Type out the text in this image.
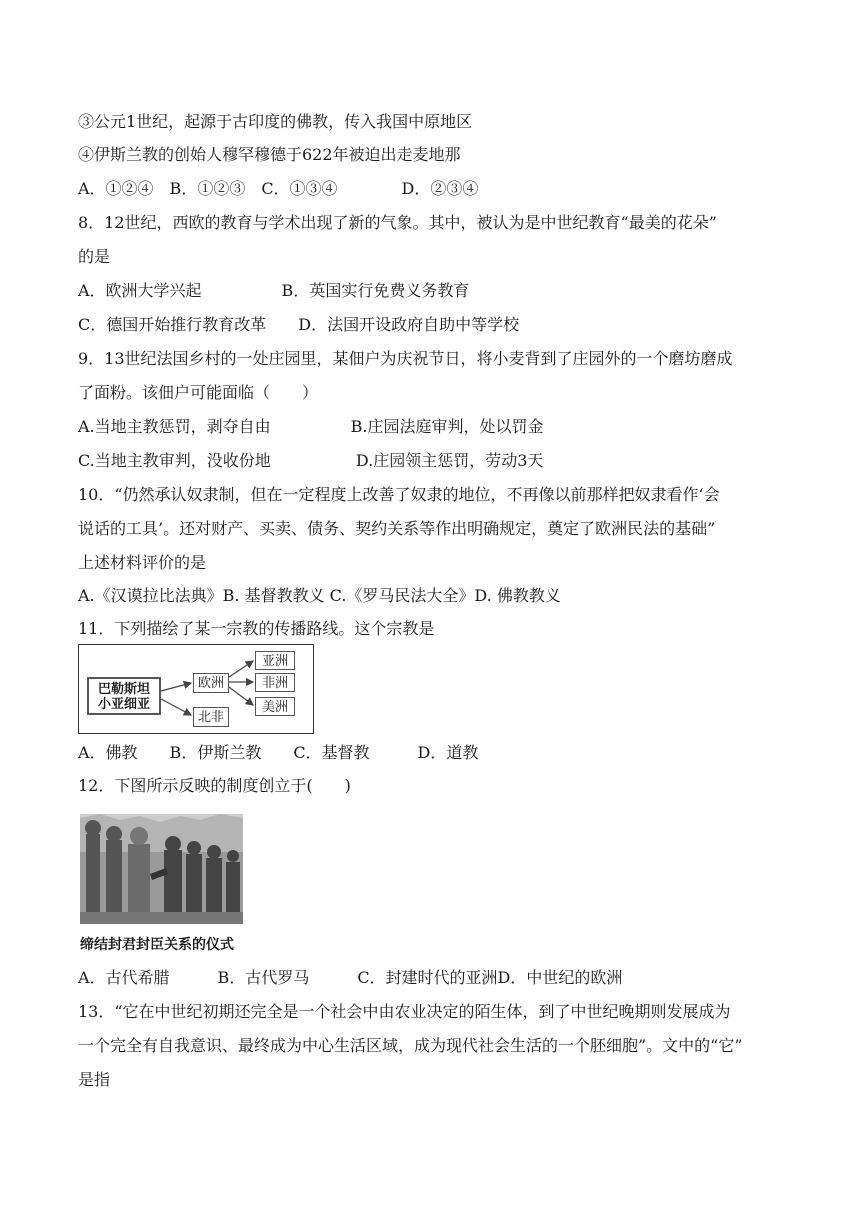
③公元1世纪，起源于古印度的佛教，传入我国中原地区
④伊斯兰教的创始人穆罕穆德于622年被迫出走麦地那
A．①②④　B．①②③　C．①③④　　　　D．②③④
8．12世纪，西欧的教育与学术出现了新的气象。其中，被认为是中世纪教育“最美的花朵”
的是
A．欧洲大学兴起　　　　　B．英国实行免费义务教育
C．德国开始推行教育改革　　D．法国开设政府自助中等学校
9．13世纪法国乡村的一处庄园里，某佃户为庆祝节日，将小麦背到了庄园外的一个磨坊磨成
了面粉。该佃户可能面临（　　）
A.当地主教惩罚，剥夺自由　　　　　B.庄园法庭审判，处以罚金
C.当地主教审判，没收份地　　　　　 D.庄园领主惩罚，劳动3天
10．“仍然承认奴隶制，但在一定程度上改善了奴隶的地位，不再像以前那样把奴隶看作‘会
说话的工具’。还对财产、买卖、债务、契约关系等作出明确规定，奠定了欧洲民法的基础”
上述材料评价的是
A.《汉谟拉比法典》B. 基督教教义 C.《罗马民法大全》D. 佛教教义
11．下列描绘了某一宗教的传播路线。这个宗教是
巴勒斯坦
小亚细亚
欧洲
北非
亚洲
非洲
美洲
A．佛教　　B．伊斯兰教　　C．基督教　　　D．道教
12．下图所示反映的制度创立于(　　)
缔结封君封臣关系的仪式
A．古代希腊　　　B．古代罗马　　　C．封建时代的亚洲D．中世纪的欧洲
13．“它在中世纪初期还完全是一个社会中由农业决定的陌生体，到了中世纪晚期则发展成为
一个完全有自我意识、最终成为中心生活区域，成为现代社会生活的一个胚细胞”。文中的“它”
是指
